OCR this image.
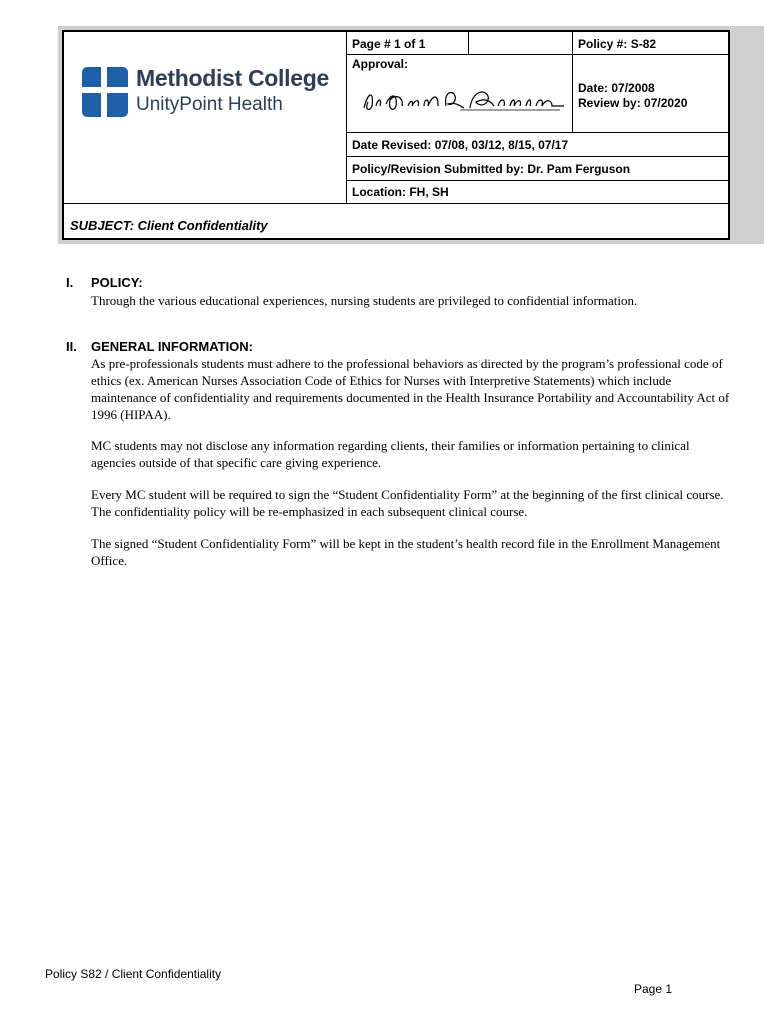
Methodist College
UnityPoint Health
Page # 1 of 1	Policy #: S-82
Approval:
Date: 07/2008
Review by: 07/2020
Date Revised: 07/08, 03/12, 8/15, 07/17
Policy/Revision Submitted by: Dr. Pam Ferguson
Location: FH, SH
SUBJECT: Client Confidentiality
I. POLICY:
Through the various educational experiences, nursing students are privileged to confidential information.
II. GENERAL INFORMATION:
As pre-professionals students must adhere to the professional behaviors as directed by the program’s professional code of ethics (ex. American Nurses Association Code of Ethics for Nurses with Interpretive Statements) which include maintenance of confidentiality and requirements documented in the Health Insurance Portability and Accountability Act of 1996 (HIPAA).
MC students may not disclose any information regarding clients, their families or information pertaining to clinical agencies outside of that specific care giving experience.
Every MC student will be required to sign the “Student Confidentiality Form” at the beginning of the first clinical course. The confidentiality policy will be re-emphasized in each subsequent clinical course.
The signed “Student Confidentiality Form” will be kept in the student’s health record file in the Enrollment Management Office.
Policy S82 / Client Confidentiality
Page 1
